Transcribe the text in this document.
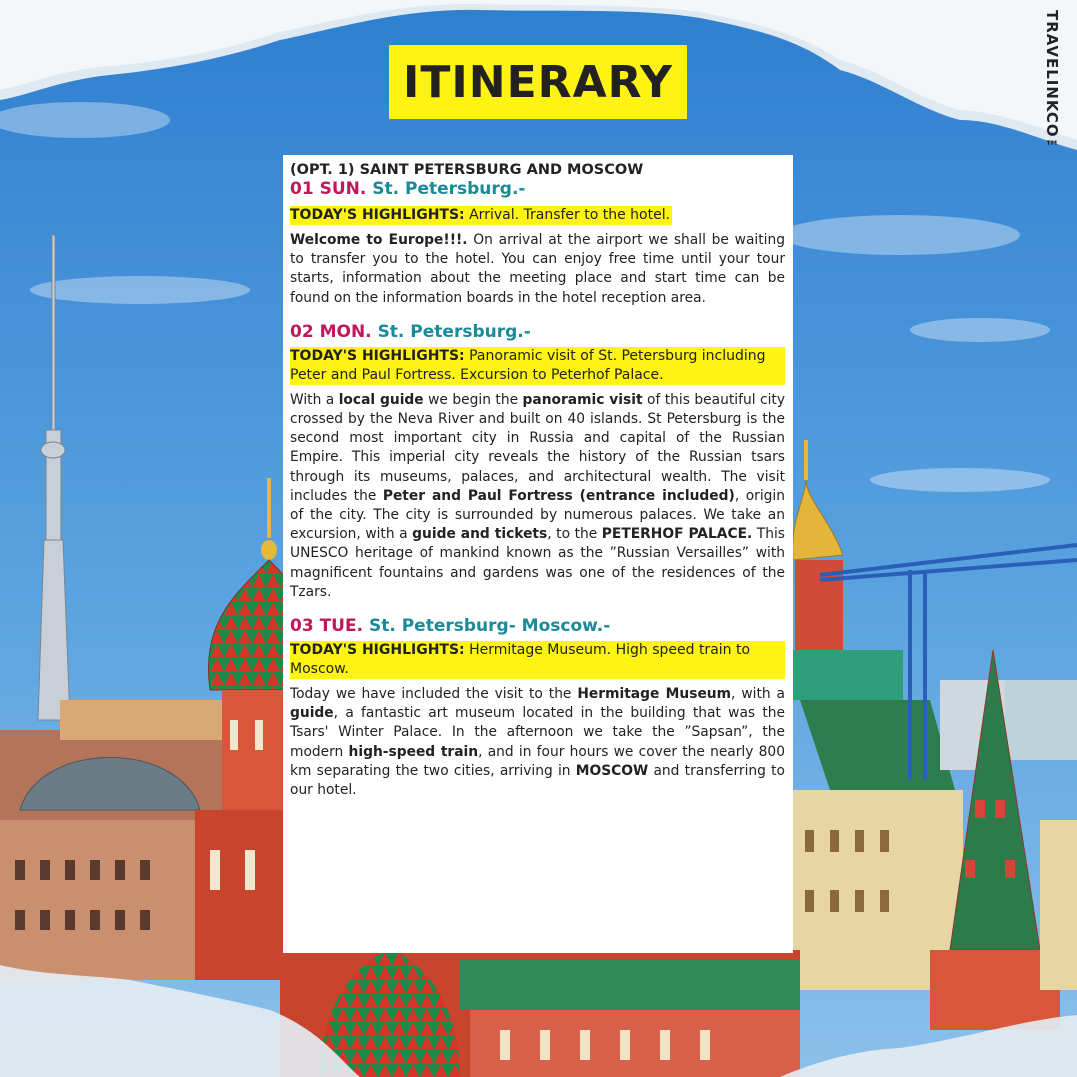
ITINERARY	TRAVELINKCO™
(OPT. 1) SAINT PETERSBURG AND MOSCOW
01 SUN. St. Petersburg.-
TODAY'S HIGHLIGHTS: Arrival. Transfer to the hotel.
Welcome to Europe!!!. On arrival at the airport we shall be waiting to transfer you to the hotel. You can enjoy free time until your tour starts, information about the meeting place and start time can be found on the information boards in the hotel reception area.
02 MON. St. Petersburg.-
TODAY'S HIGHLIGHTS: Panoramic visit of St. Petersburg including Peter and Paul Fortress. Excursion to Peterhof Palace.
With a local guide we begin the panoramic visit of this beautiful city crossed by the Neva River and built on 40 islands. St Petersburg is the second most important city in Russia and capital of the Russian Empire. This imperial city reveals the history of the Russian tsars through its museums, palaces, and architectural wealth. The visit includes the Peter and Paul Fortress (entrance included), origin of the city. The city is surrounded by numerous palaces. We take an excursion, with a guide and tickets, to the PETERHOF PALACE. This UNESCO heritage of mankind known as the ”Russian Versailles” with magnificent fountains and gardens was one of the residences of the Tzars.
03 TUE. St. Petersburg- Moscow.-
TODAY'S HIGHLIGHTS: Hermitage Museum. High speed train to Moscow.
Today we have included the visit to the Hermitage Museum, with a guide, a fantastic art museum located in the building that was the Tsars' Winter Palace. In the afternoon we take the ”Sapsan”, the modern high-speed train, and in four hours we cover the nearly 800 km separating the two cities, arriving in MOSCOW and transferring to our hotel.
